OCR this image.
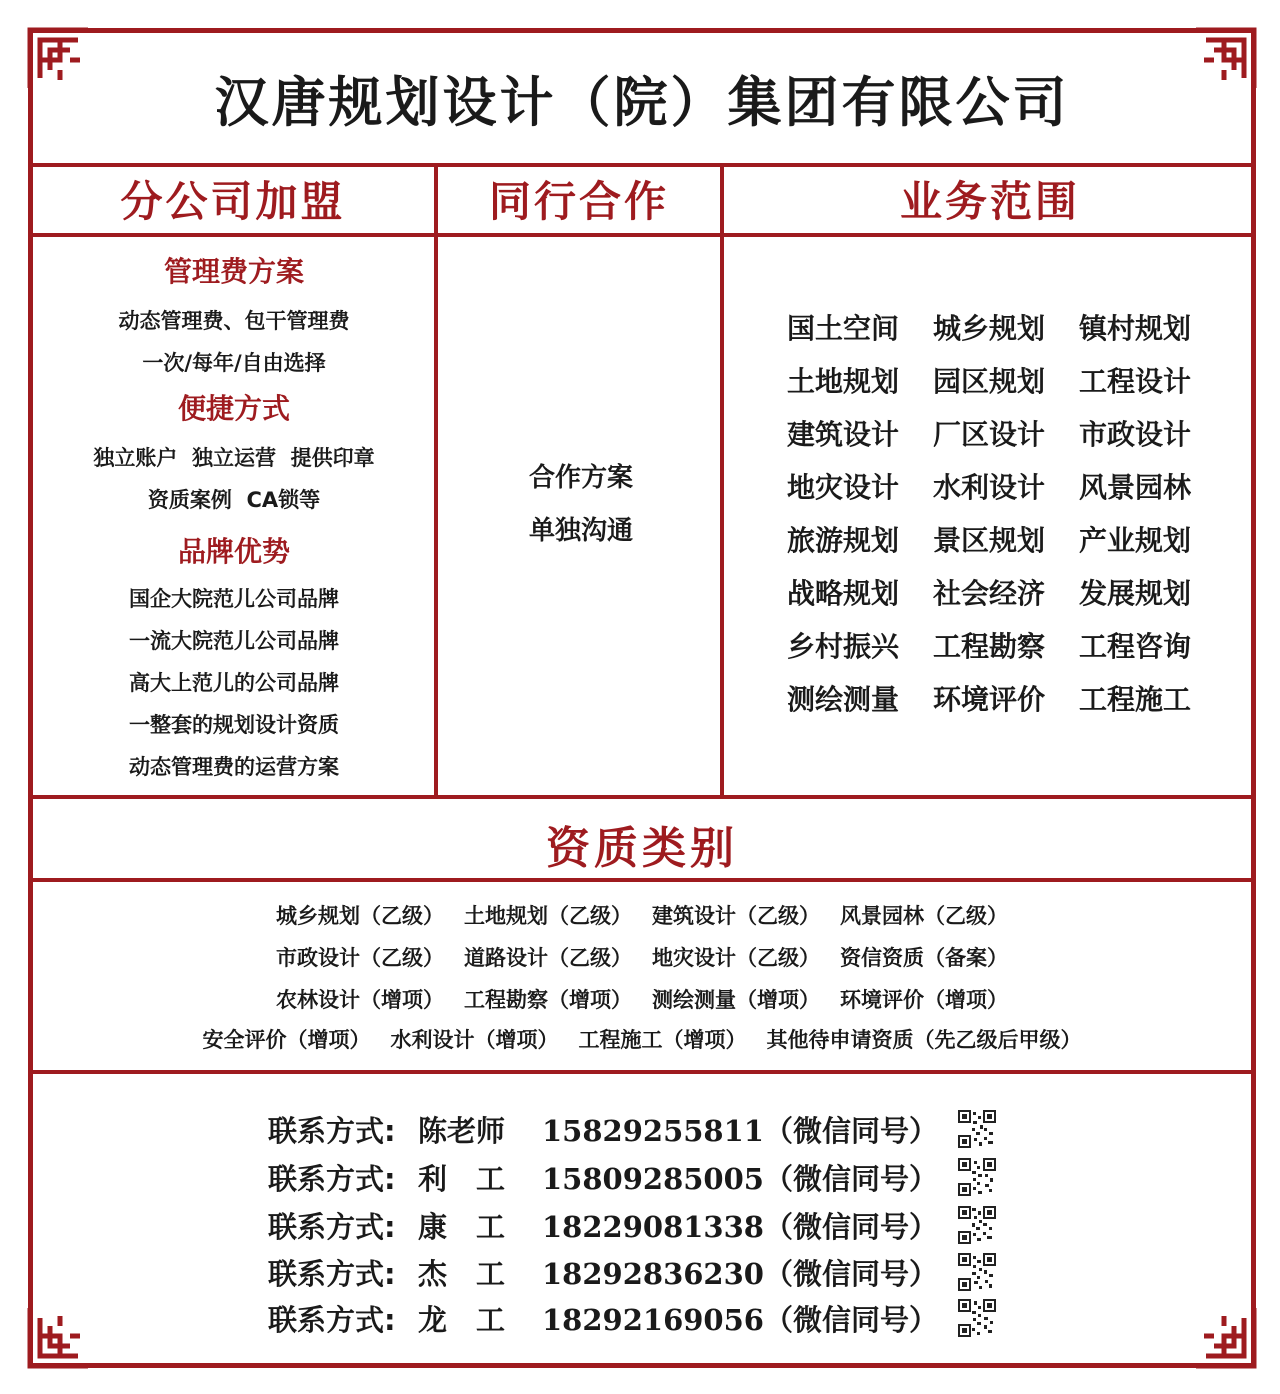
汉唐规划设计（院）集团有限公司
分公司加盟	同行合作	业务范围
管理费方案
动态管理费、包干管理费
一次/每年/自由选择
便捷方式
独立账户  独立运营  提供印章
资质案例  CA锁等
品牌优势
国企大院范儿公司品牌
一流大院范儿公司品牌
高大上范儿的公司品牌
一整套的规划设计资质
动态管理费的运营方案
合作方案
单独沟通
国土空间	城乡规划	镇村规划
土地规划	园区规划	工程设计
建筑设计	厂区设计	市政设计
地灾设计	水利设计	风景园林
旅游规划	景区规划	产业规划
战略规划	社会经济	发展规划
乡村振兴	工程勘察	工程咨询
测绘测量	环境评价	工程施工
资质类别
城乡规划（乙级） 土地规划（乙级） 建筑设计（乙级） 风景园林（乙级）
市政设计（乙级） 道路设计（乙级） 地灾设计（乙级） 资信资质（备案）
农林设计（增项） 工程勘察（增项） 测绘测量（增项） 环境评价（增项）
安全评价（增项） 水利设计（增项） 工程施工（增项） 其他待申请资质（先乙级后甲级）
联系方式: 陈老师 15829255811（微信同号）
联系方式: 利　工 15809285005（微信同号）
联系方式: 康　工 18229081338（微信同号）
联系方式: 杰　工 18292836230（微信同号）
联系方式: 龙　工 18292169056（微信同号）
